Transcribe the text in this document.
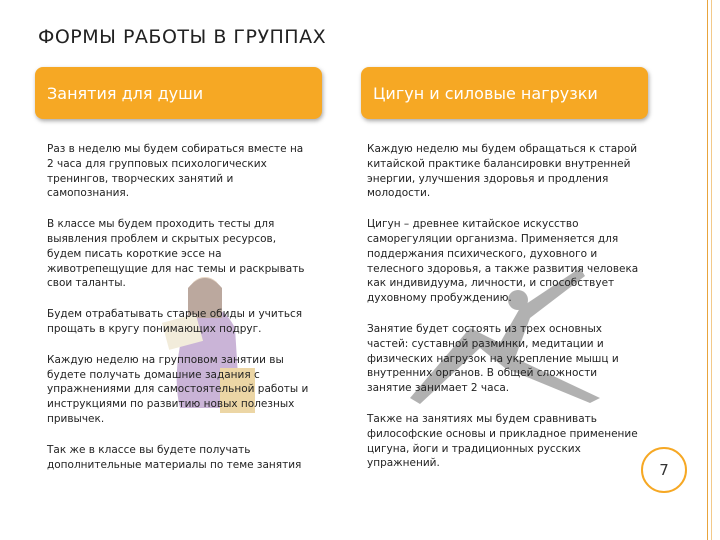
ФОРМЫ РАБОТЫ В ГРУППАХ
Занятия для души	Цигун и силовые нагрузки

Раз в неделю мы будем собираться вместе на 2 часа для групповых психологических тренингов, творческих занятий и самопознания.

В классе мы будем проходить тесты для выявления проблем и скрытых ресурсов, будем писать короткие эссе на животрепещущие для нас темы и раскрывать свои таланты.

Будем отрабатывать старые обиды и учиться прощать в кругу понимающих подруг.

Каждую неделю на групповом занятии вы будете получать домашние задания с упражнениями для самостоятельной работы и инструкциями по развитию новых полезных привычек.

Так же в классе вы будете получать дополнительные материалы по теме занятия

Каждую неделю мы будем обращаться к старой китайской практике балансировки внутренней энергии, улучшения здоровья и продления молодости.

Цигун – древнее китайское искусство саморегуляции организма. Применяется для поддержания психического, духовного и телесного здоровья, а также развития человека как индивидуума, личности, и способствует духовному пробуждению.

Занятие будет состоять из трех основных частей: суставной разминки, медитации и физических нагрузок на укрепление мышц и внутренних органов. В общей сложности занятие занимает 2 часа.

Также на занятиях мы будем сравнивать философские основы и прикладное применение цигуна, йоги и традиционных русских упражнений.	7
